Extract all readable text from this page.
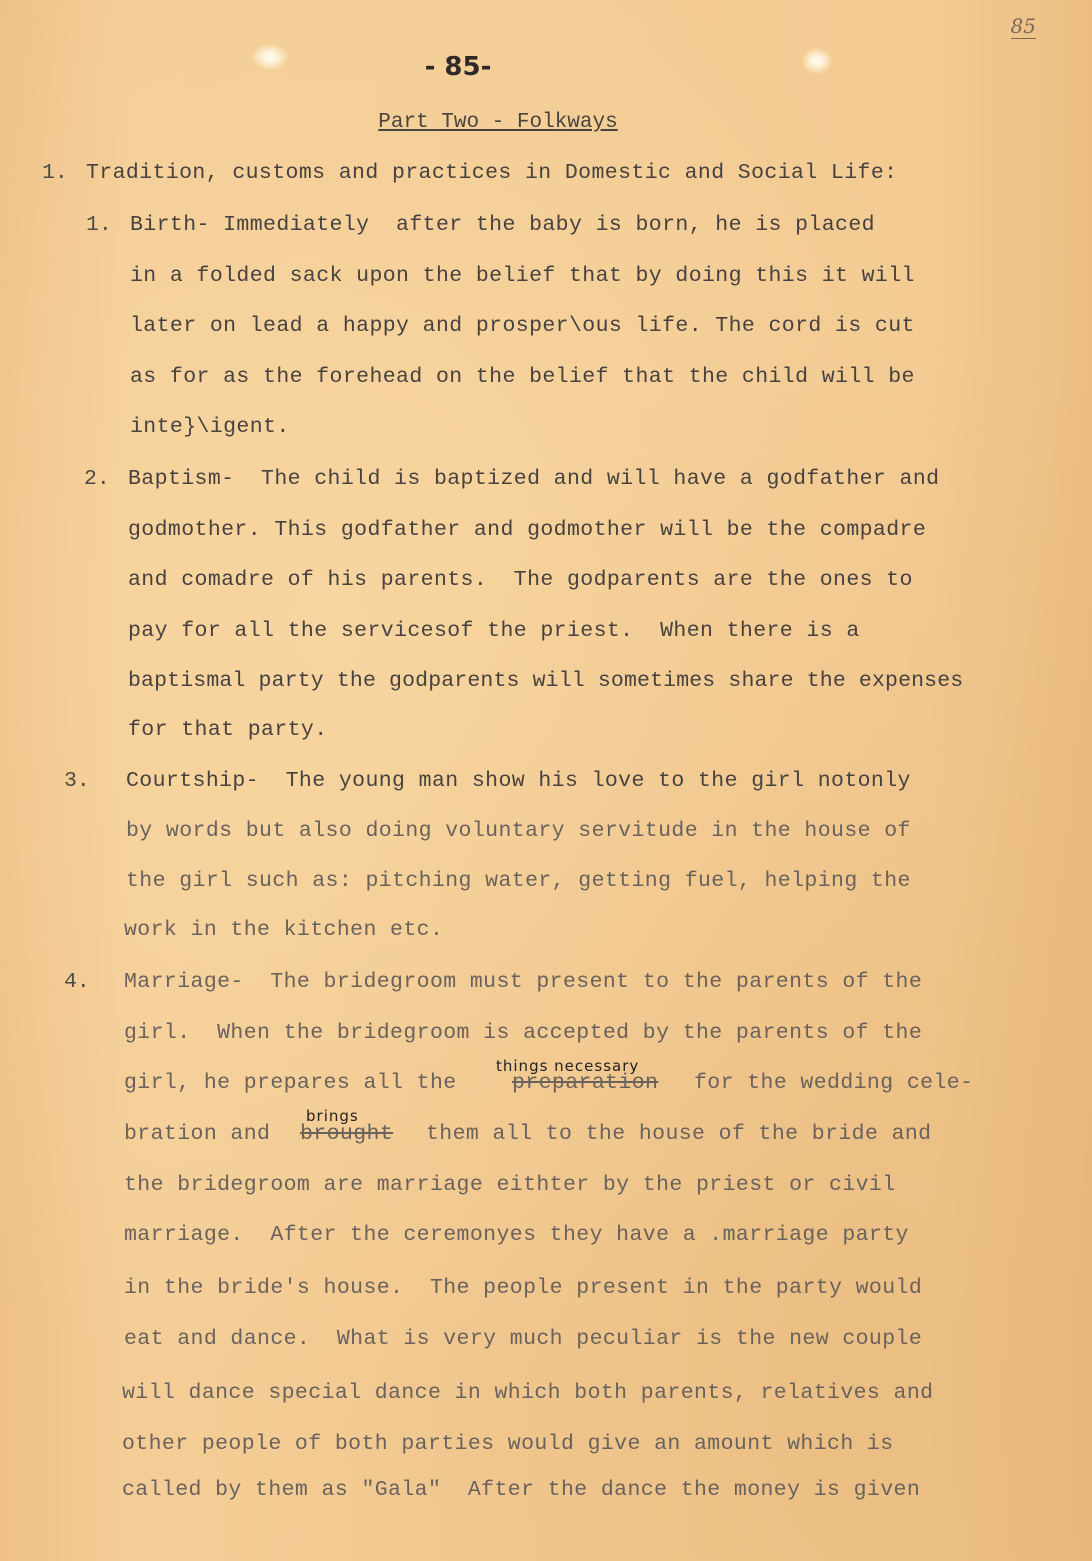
85
- 85-
Part Two - Folkways
1. Tradition, customs and practices in Domestic and Social Life:
1. Birth- Immediately  after the baby is born, he is placed
in a folded sack upon the belief that by doing this it will
later on lead a happy and prosper\ous life. The cord is cut
as for as the forehead on the belief that the child will be
inte}\igent.
2. Baptism-  The child is baptized and will have a godfather and
godmother. This godfather and godmother will be the compadre
and comadre of his parents.  The godparents are the ones to
pay for all the servicesof the priest.  When there is a
baptismal party the godparents will sometimes share the expenses
for that party.
3. Courtship-  The young man show his love to the girl notonly
by words but also doing voluntary servitude in the house of
the girl such as: pitching water, getting fuel, helping the
work in the kitchen etc.
4. Marriage-  The bridegroom must present to the parents of the
girl.  When the bridegroom is accepted by the parents of the
things necessary
girl, he prepares all the	preparation for the wedding cele-
brings
bration and brought them all to the house of the bride and
the bridegroom are marriage eithter by the priest or civil
marriage.  After the ceremonyes they have a .marriage party
in the bride's house.  The people present in the party would
eat and dance.  What is very much peculiar is the new couple
will dance special dance in which both parents, relatives and
other people of both parties would give an amount which is
called by them as "Gala"  After the dance the money is given
